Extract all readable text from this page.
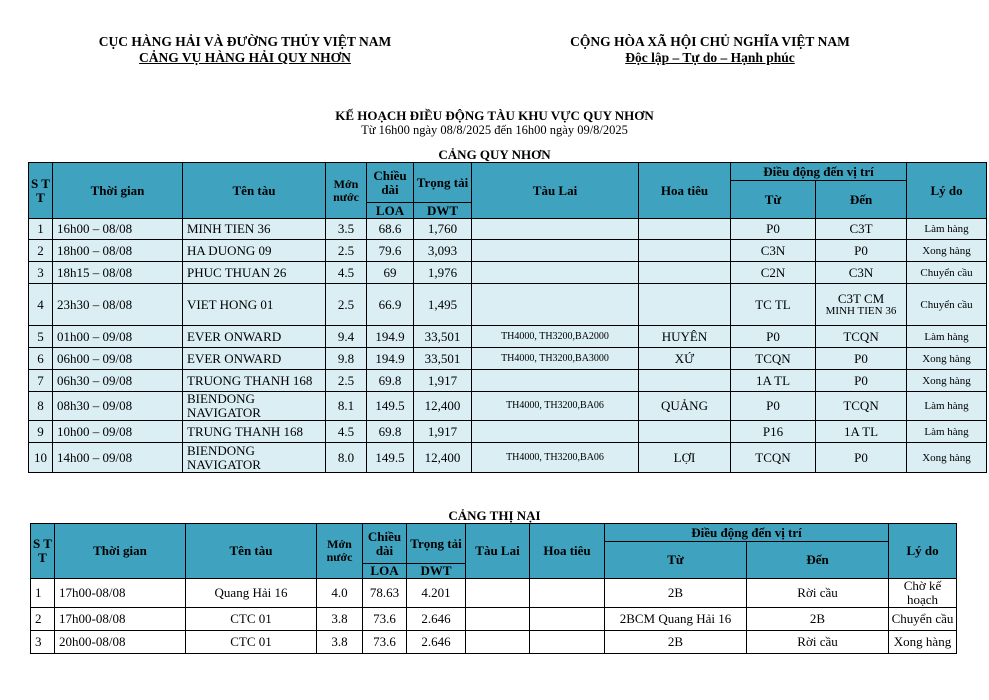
CỤC HÀNG HẢI VÀ ĐƯỜNG THỦY VIỆT NAM
CẢNG VỤ HÀNG HẢI QUY NHƠN
CỘNG HÒA XÃ HỘI CHỦ NGHĨA VIỆT NAM
Độc lập – Tự do – Hạnh phúc
KẾ HOẠCH ĐIỀU ĐỘNG TÀU KHU VỰC QUY NHƠN
Từ 16h00 ngày 08/8/2025 đến 16h00 ngày 09/8/2025
CẢNG QUY NHƠN
S T T	Thời gian	Tên tàu	Mớn nước	Chiều dài	Trọng tải	Tàu Lai	Hoa tiêu	Điều động đến vị trí		Lý do
								Từ	Đến	
				LOA	DWT					
1	16h00 – 08/08	MINH TIEN 36	3.5	68.6	1,760			P0	C3T	Làm hàng
2	18h00 – 08/08	HA DUONG 09	2.5	79.6	3,093			C3N	P0	Xong hàng
3	18h15 – 08/08	PHUC THUAN 26	4.5	69	1,976			C2N	C3N	Chuyển cầu
4	23h30 – 08/08	VIET HONG 01	2.5	66.9	1,495			TC TL	C3T CM
MINH TIEN 36	Chuyển cầu
5	01h00 – 09/08	EVER ONWARD	9.4	194.9	33,501	TH4000, TH3200,BA2000	HUYÊN	P0	TCQN	Làm hàng
6	06h00 – 09/08	EVER ONWARD	9.8	194.9	33,501	TH4000, TH3200,BA3000	XỨ	TCQN	P0	Xong hàng
7	06h30 – 09/08	TRUONG THANH 168	2.5	69.8	1,917			1A TL	P0	Xong hàng
8	08h30 – 09/08	BIENDONG NAVIGATOR	8.1	149.5	12,400	TH4000, TH3200,BA06	QUẢNG	P0	TCQN	Làm hàng
9	10h00 – 09/08	TRUNG THANH 168	4.5	69.8	1,917			P16	1A TL	Làm hàng
10	14h00 – 09/08	BIENDONG NAVIGATOR	8.0	149.5	12,400	TH4000, TH3200,BA06	LỢI	TCQN	P0	Xong hàng
CẢNG THỊ NẠI
S T T	Thời gian	Tên tàu	Mớn nước	Chiều dài	Trọng tải	Tàu Lai	Hoa tiêu	Điều động đến vị trí		Lý do
								Từ	Đến	
				LOA	DWT					
1	17h00-08/08	Quang Hải 16	4.0	78.63	4.201			2B	Rời cầu	Chờ kế hoạch
2	17h00-08/08	CTC 01	3.8	73.6	2.646			2BCM Quang Hải 16	2B	Chuyển cầu
3	20h00-08/08	CTC 01	3.8	73.6	2.646			2B	Rời cầu	Xong hàng
